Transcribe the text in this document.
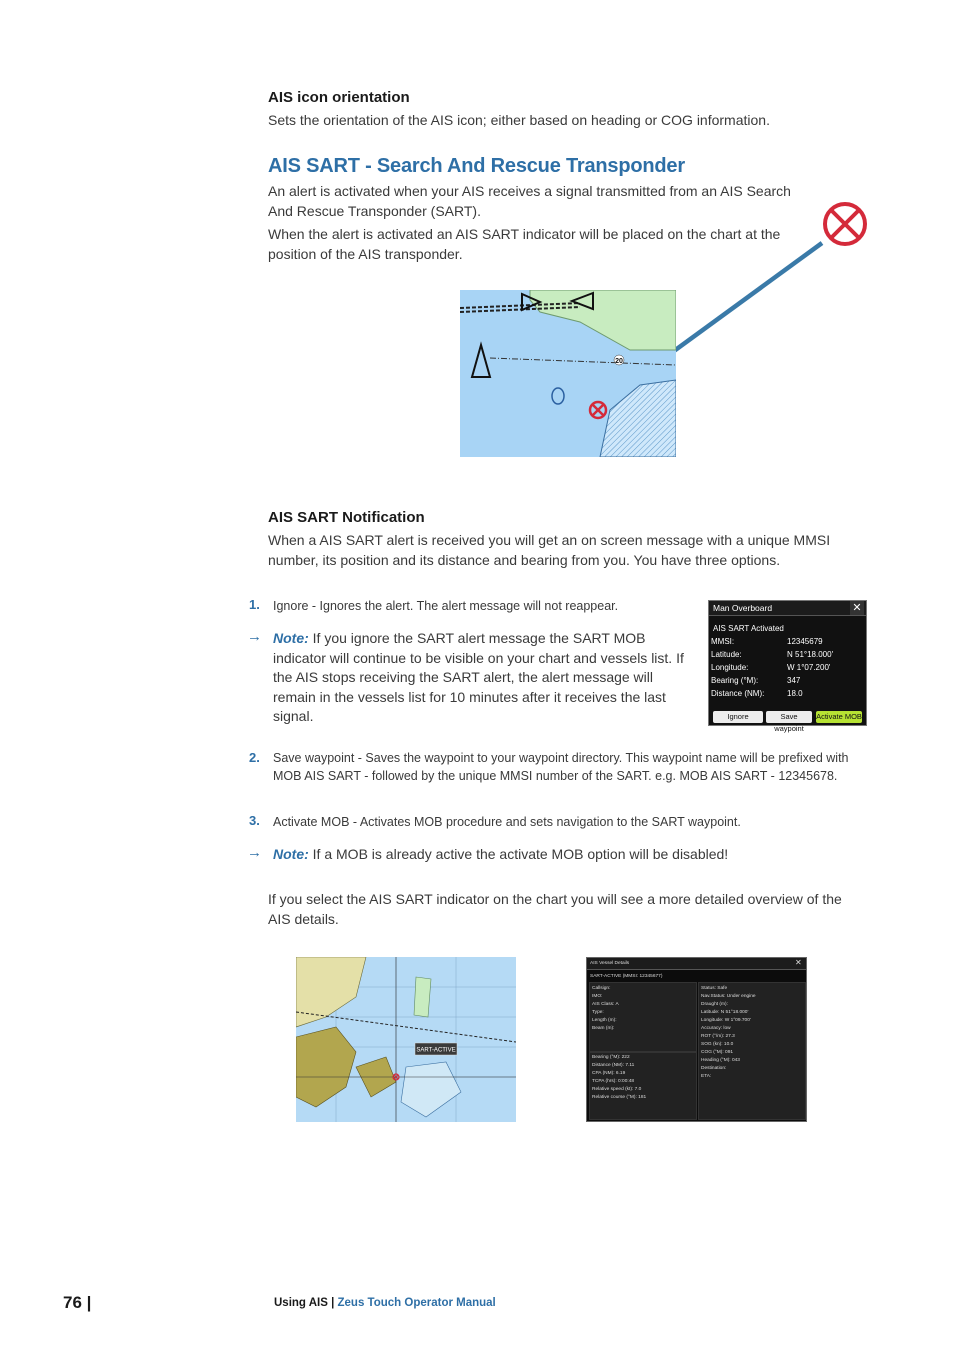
AIS icon orientation
Sets the orientation of the AIS icon; either based on heading or COG information.
AIS SART - Search And Rescue Transponder
An alert is activated when your AIS receives a signal transmitted from an AIS Search And Rescue Transponder (SART).
When the alert is activated an AIS SART indicator will be placed on the chart at the position of the AIS transponder.
20
AIS SART Notification
When a AIS SART alert is received you will get an on screen message with a unique MMSI number, its position and its distance and bearing from you. You have three options.
1. Ignore - Ignores the alert. The alert message will not reappear.
→ Note: If you ignore the SART alert message the SART MOB indicator will continue to be visible on your chart and vessels list. If the AIS stops receiving the SART alert, the alert message will remain in the vessels list for 10 minutes after it receives the last signal.
Man Overboard	✕
AIS SART Activated
MMSI:	12345679
Latitude:	N 51°18.000'
Longitude:	W 1°07.200'
Bearing (°M):	347
Distance (NM):	18.0
Ignore	Save waypoint
Activate MOB
2. Save waypoint - Saves the waypoint to your waypoint directory. This waypoint name will be prefixed with MOB AIS SART - followed by the unique MMSI number of the SART. e.g. MOB AIS SART - 12345678.
3. Activate MOB - Activates MOB procedure and sets navigation to the SART waypoint.
→ Note: If a MOB is already active the activate MOB option will be disabled!
If you select the AIS SART indicator on the chart you will see a more detailed overview of the AIS details.
SART-ACTIVE
AIS Vessel Details	✕
SART-ACTIVE (MMSI: 12345677)
Callsign:
IMO:
AIS Class: A
Type:
Length (m):
Beam (m):
Bearing (°M): 222
Distance (NM): 7.11
CPA (NM): 6.19
TCPA (hrs): 0:00:48
Relative speed (kt): 7.0
Relative course (°M): 181
Status: Safe
Nav.Status: Under engine
Draught (m):
Latitude: N 51°18.000'
Longitude: W 1°09.700'
Accuracy: low
ROT (°/m): 27.3
SOG (kn): 10.0
COG (°M): 091
Heading (°M): 043
Destination:
ETA:
76 |	Using AIS | Zeus Touch Operator Manual
